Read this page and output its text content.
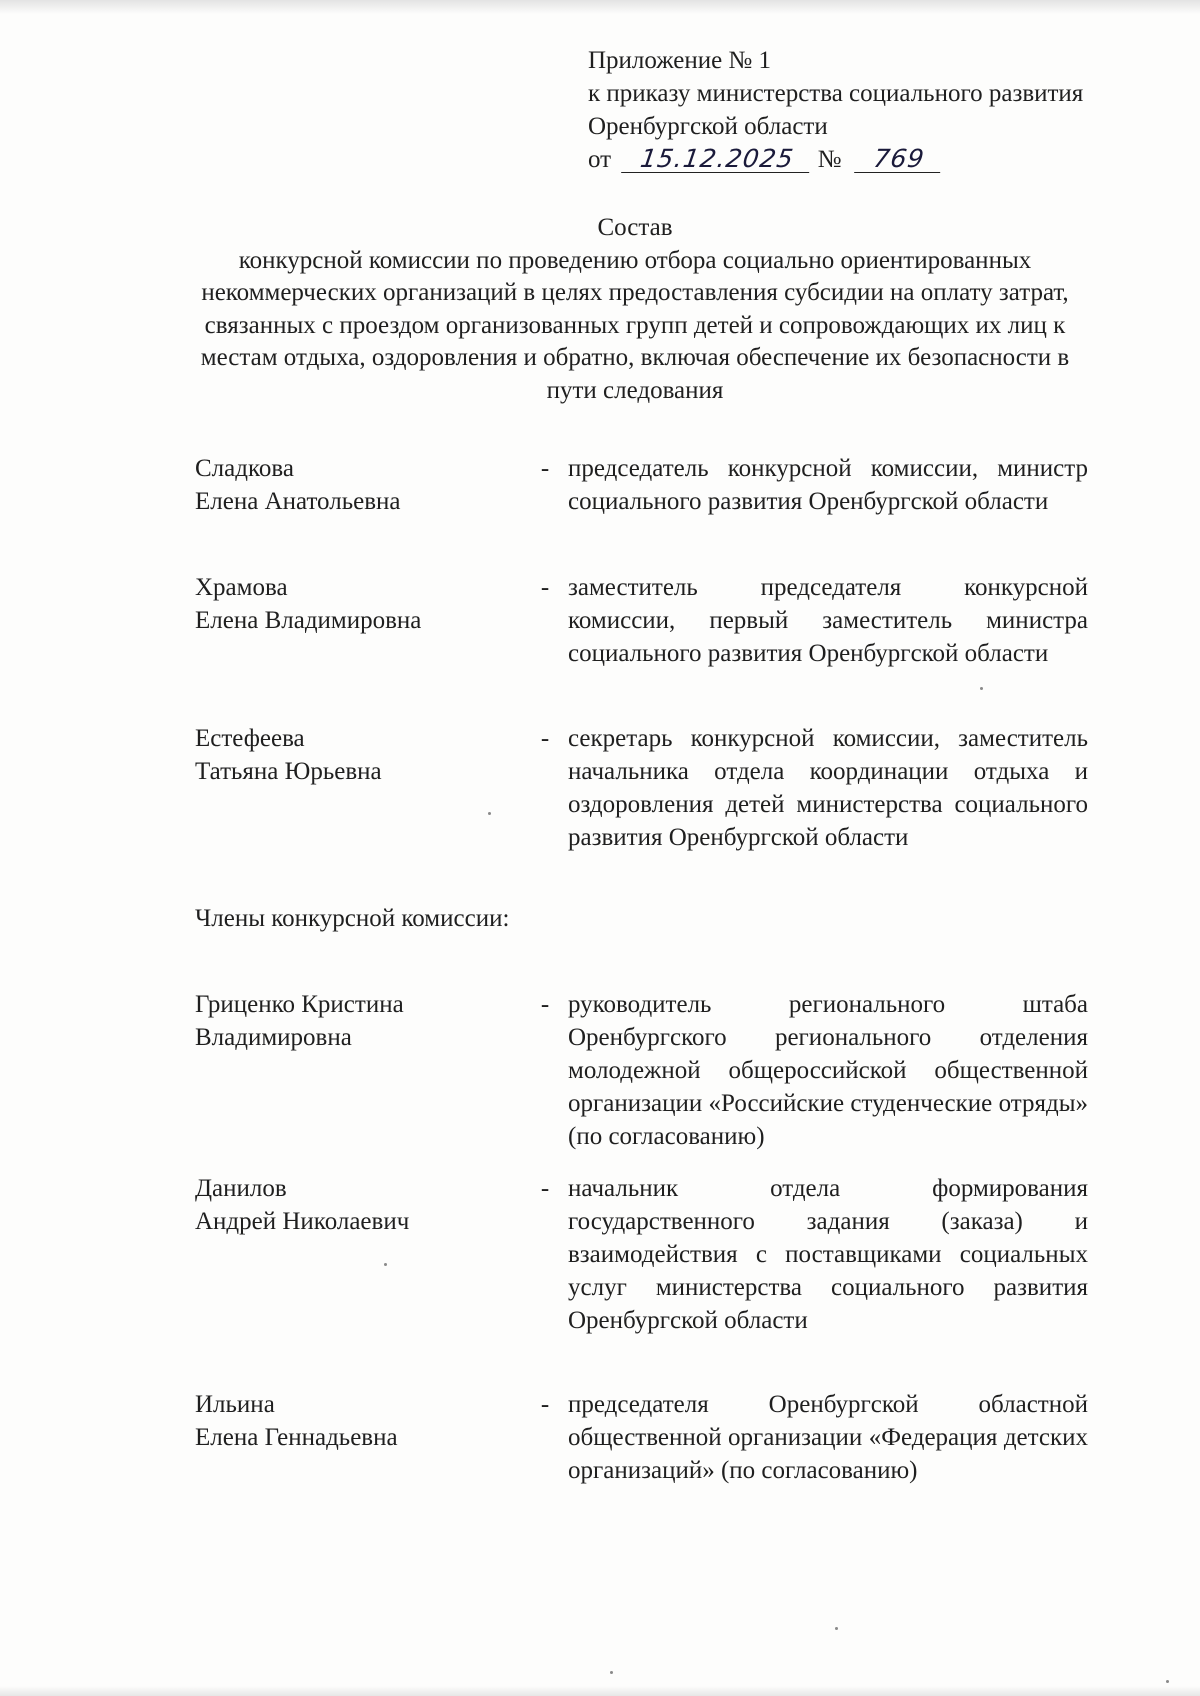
Приложение № 1
к приказу министерства социального развития
Оренбургской области
от 15.12.2025 № 769
Состав
конкурсной комиссии по проведению отбора социально ориентированных некоммерческих организаций в целях предоставления субсидии на оплату затрат, связанных с проездом организованных групп детей и сопровождающих их лиц к местам отдыха, оздоровления и обратно, включая обеспечение их безопасности в пути следования
Сладкова
Елена Анатольевна
- председатель конкурсной комиссии, министр социального развития Оренбургской области
Храмова
Елена Владимировна
- заместитель председателя конкурсной комиссии, первый заместитель министра социального развития Оренбургской области
Естефеева
Татьяна Юрьевна
- секретарь конкурсной комиссии, заместитель начальника отдела координации отдыха и оздоровления детей министерства социального развития Оренбургской области
Члены конкурсной комиссии:
Гриценко Кристина
Владимировна
- руководитель регионального штаба Оренбургского регионального отделения молодежной общероссийской общественной организации «Российские студенческие отряды» (по согласованию)
Данилов
Андрей Николаевич
- начальник отдела формирования государственного задания (заказа) и взаимодействия с поставщиками социальных услуг министерства социального развития Оренбургской области
Ильина
Елена Геннадьевна
- председателя Оренбургской областной общественной организации «Федерация детских организаций» (по согласованию)
